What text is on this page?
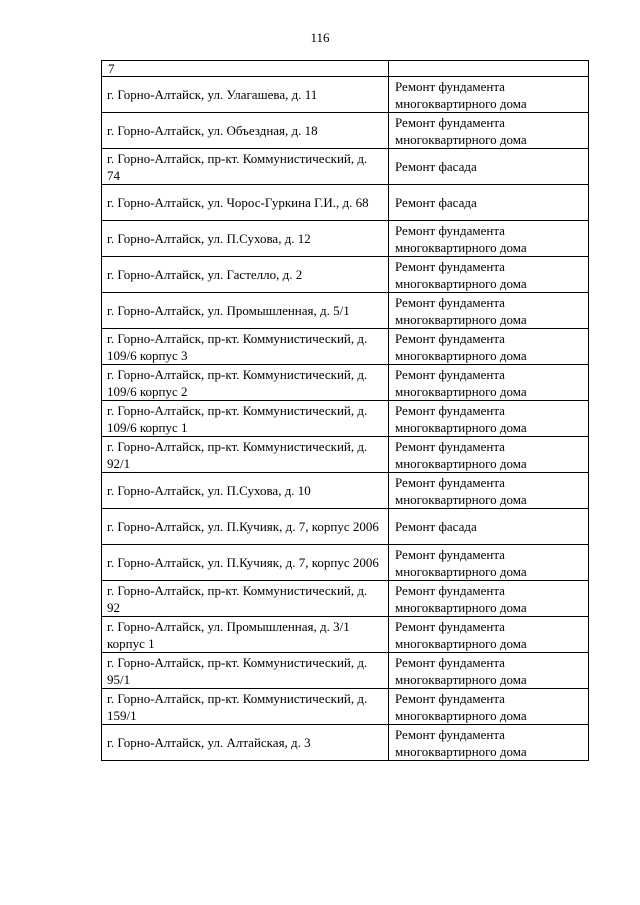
116
7	
г. Горно-Алтайск, ул. Улагашева, д. 11	Ремонт фундамента многоквартирного дома
г. Горно-Алтайск, ул. Объездная, д. 18	Ремонт фундамента многоквартирного дома
г. Горно-Алтайск, пр-кт. Коммунистический, д. 74	Ремонт фасада
г. Горно-Алтайск, ул. Чорос-Гуркина Г.И., д. 68	Ремонт фасада
г. Горно-Алтайск, ул. П.Сухова, д. 12	Ремонт фундамента многоквартирного дома
г. Горно-Алтайск, ул. Гастелло, д. 2	Ремонт фундамента многоквартирного дома
г. Горно-Алтайск, ул. Промышленная, д. 5/1	Ремонт фундамента многоквартирного дома
г. Горно-Алтайск, пр-кт. Коммунистический, д. 109/6 корпус 3	Ремонт фундамента многоквартирного дома
г. Горно-Алтайск, пр-кт. Коммунистический, д. 109/6 корпус 2	Ремонт фундамента многоквартирного дома
г. Горно-Алтайск, пр-кт. Коммунистический, д. 109/6 корпус 1	Ремонт фундамента многоквартирного дома
г. Горно-Алтайск, пр-кт. Коммунистический, д. 92/1	Ремонт фундамента многоквартирного дома
г. Горно-Алтайск, ул. П.Сухова, д. 10	Ремонт фундамента многоквартирного дома
г. Горно-Алтайск, ул. П.Кучияк, д. 7, корпус 2006	Ремонт фасада
г. Горно-Алтайск, ул. П.Кучияк, д. 7, корпус 2006	Ремонт фундамента многоквартирного дома
г. Горно-Алтайск, пр-кт. Коммунистический, д. 92	Ремонт фундамента многоквартирного дома
г. Горно-Алтайск, ул. Промышленная, д. 3/1 корпус 1	Ремонт фундамента многоквартирного дома
г. Горно-Алтайск, пр-кт. Коммунистический, д. 95/1	Ремонт фундамента многоквартирного дома
г. Горно-Алтайск, пр-кт. Коммунистический, д. 159/1	Ремонт фундамента многоквартирного дома
г. Горно-Алтайск, ул. Алтайская, д. 3	Ремонт фундамента многоквартирного дома
